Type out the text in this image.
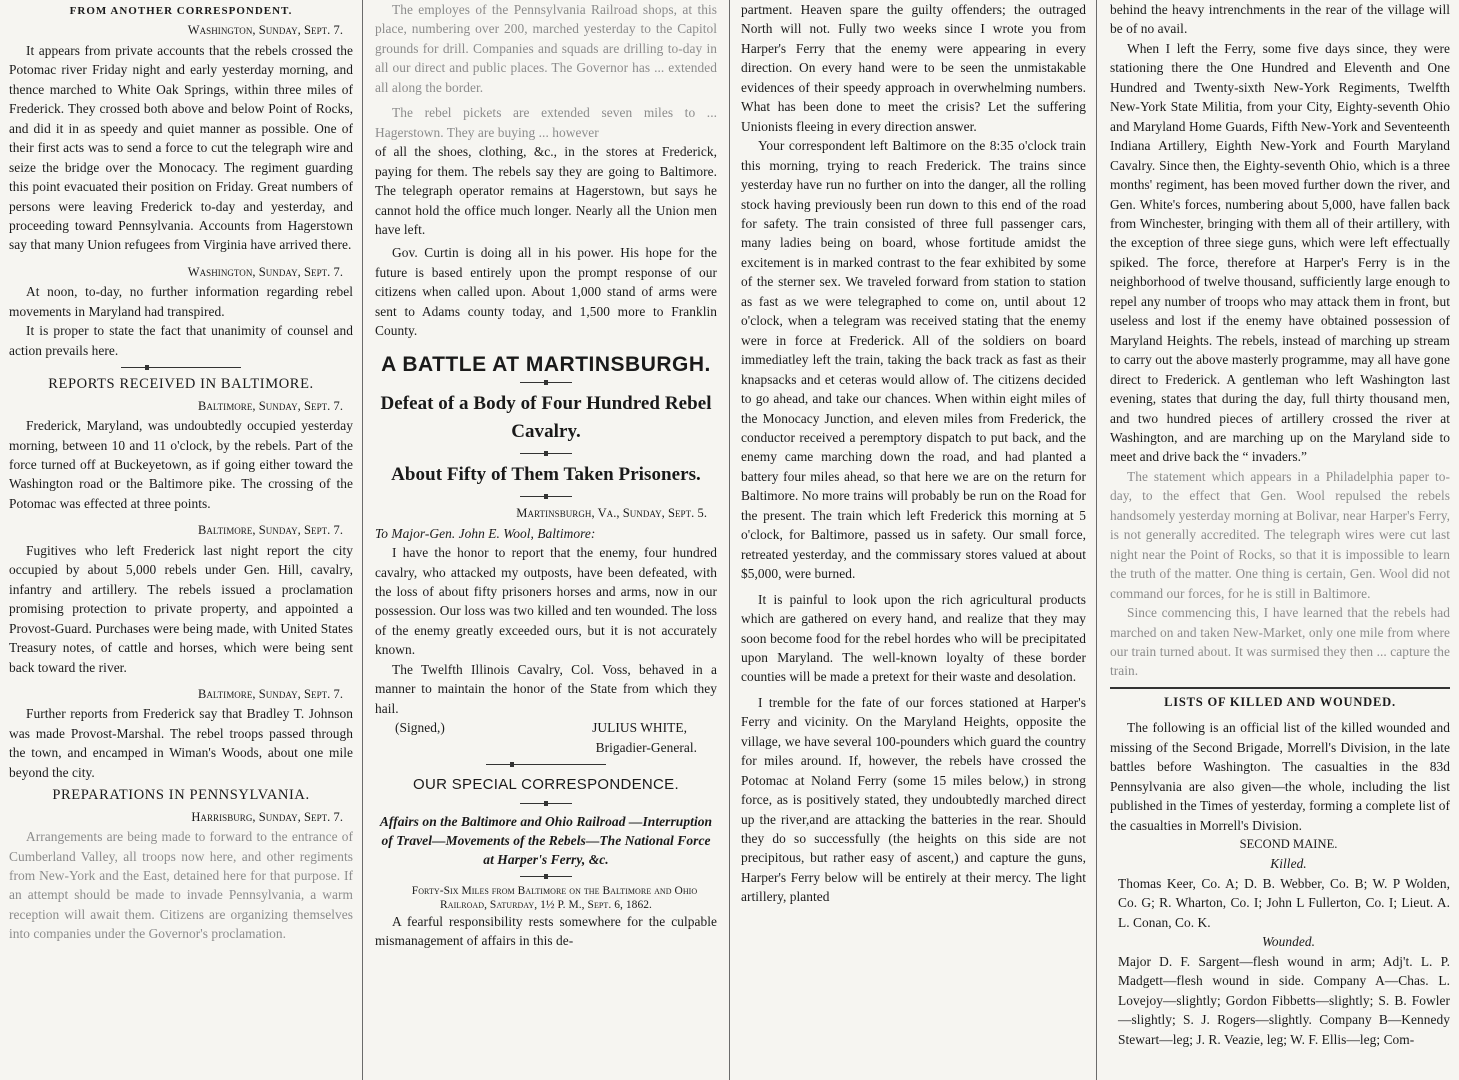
FROM ANOTHER CORRESPONDENT.

Washington, Sunday, Sept. 7.

It appears from private accounts that the rebels crossed the Potomac river Friday night and early yesterday morning, and thence marched to White Oak Springs, within three miles of Frederick. They crossed both above and below Point of Rocks, and did it in as speedy and quiet manner as possible. One of their first acts was to send a force to cut the telegraph wire and seize the bridge over the Monocacy. The regiment guarding this point evacuated their position on Friday. Great numbers of persons were leaving Frederick to-day and yesterday, and proceeding toward Pennsylvania. Accounts from Hagerstown say that many Union refugees from Virginia have arrived there.

Washington, Sunday, Sept. 7.

At noon, to-day, no further information regarding rebel movements in Maryland had transpired.

It is proper to state the fact that unanimity of counsel and action prevails here.

REPORTS RECEIVED IN BALTIMORE.

Baltimore, Sunday, Sept. 7.

Frederick, Maryland, was undoubtedly occupied yesterday morning, between 10 and 11 o'clock, by the rebels. Part of the force turned off at Buckeyetown, as if going either toward the Washington road or the Baltimore pike. The crossing of the Potomac was effected at three points.

Baltimore, Sunday, Sept. 7.

Fugitives who left Frederick last night report the city occupied by about 5,000 rebels under Gen. Hill, cavalry, infantry and artillery. The rebels issued a proclamation promising protection to private property, and appointed a Provost-Guard. Purchases were being made, with United States Treasury notes, of cattle and horses, which were being sent back toward the river.

Baltimore, Sunday, Sept. 7.

Further reports from Frederick say that Bradley T. Johnson was made Provost-Marshal. The rebel troops passed through the town, and encamped in Wiman's Woods, about one mile beyond the city.

PREPARATIONS IN PENNSYLVANIA.

Harrisburg, Sunday, Sept. 7.

Arrangements are being made to forward to the entrance of Cumberland Valley, all troops now here, and other regiments from New-York and the East, detained here for that purpose. If an attempt should be made to invade Pennsylvania, a warm reception will await them. Citizens are organizing themselves into companies under the Governor's proclamation.

The employes of the Pennsylvania Railroad shops, at this place, numbering over 200, marched yesterday to the Capitol grounds for drill. Companies and squads are drilling to-day in all our direct and public places. The Governor has ... extended all along the border.

The rebel pickets are extended seven miles to ... Hagerstown. They are buying ... however

of all the shoes, clothing, &c., in the stores at Frederick, paying for them. The rebels say they are going to Baltimore. The telegraph operator remains at Hagerstown, but says he cannot hold the office much longer. Nearly all the Union men have left.

Gov. Curtin is doing all in his power. His hope for the future is based entirely upon the prompt response of our citizens when called upon. About 1,000 stand of arms were sent to Adams county today, and 1,500 more to Franklin County.

A BATTLE AT MARTINSBURGH.
Defeat of a Body of Four Hundred Rebel Cavalry.
About Fifty of Them Taken Prisoners.

Martinsburgh, Va., Sunday, Sept. 5.

To Major-Gen. John E. Wool, Baltimore:

I have the honor to report that the enemy, four hundred cavalry, who attacked my outposts, have been defeated, with the loss of about fifty prisoners horses and arms, now in our possession. Our loss was two killed and ten wounded. The loss of the enemy greatly exceeded ours, but it is not accurately known.

The Twelfth Illinois Cavalry, Col. Voss, behaved in a manner to maintain the honor of the State from which they hail.

(Signed,)	JULIUS WHITE,

Brigadier-General.

OUR SPECIAL CORRESPONDENCE.
Affairs on the Baltimore and Ohio Railroad —Interruption of Travel—Movements of the Rebels—The National Force at Harper's Ferry, &c.

Forty-Six Miles from Baltimore on the Baltimore and Ohio Railroad, Saturday, 1½ P. M., Sept. 6, 1862.

A fearful responsibility rests somewhere for the culpable mismanagement of affairs in this de-

partment. Heaven spare the guilty offenders; the outraged North will not. Fully two weeks since I wrote you from Harper's Ferry that the enemy were appearing in every direction. On every hand were to be seen the unmistakable evidences of their speedy approach in overwhelming numbers. What has been done to meet the crisis? Let the suffering Unionists fleeing in every direction answer.

Your correspondent left Baltimore on the 8:35 o'clock train this morning, trying to reach Frederick. The trains since yesterday have run no further on into the danger, all the rolling stock having previously been run down to this end of the road for safety. The train consisted of three full passenger cars, many ladies being on board, whose fortitude amidst the excitement is in marked contrast to the fear exhibited by some of the sterner sex. We traveled forward from station to station as fast as we were telegraphed to come on, until about 12 o'clock, when a telegram was received stating that the enemy were in force at Frederick. All of the soldiers on board immediatley left the train, taking the back track as fast as their knapsacks and et ceteras would allow of. The citizens decided to go ahead, and take our chances. When within eight miles of the Monocacy Junction, and eleven miles from Frederick, the conductor received a peremptory dispatch to put back, and the enemy came marching down the road, and had planted a battery four miles ahead, so that here we are on the return for Baltimore. No more trains will probably be run on the Road for the present. The train which left Frederick this morning at 5 o'clock, for Baltimore, passed us in safety. Our small force, retreated yesterday, and the commissary stores valued at about $5,000, were burned.

It is painful to look upon the rich agricultural products which are gathered on every hand, and realize that they may soon become food for the rebel hordes who will be precipitated upon Maryland. The well-known loyalty of these border counties will be made a pretext for their waste and desolation.

I tremble for the fate of our forces stationed at Harper's Ferry and vicinity. On the Maryland Heights, opposite the village, we have several 100-pounders which guard the country for miles around. If, however, the rebels have crossed the Potomac at Noland Ferry (some 15 miles below,) in strong force, as is positively stated, they undoubtedly marched direct up the river,and are attacking the batteries in the rear. Should they do so successfully (the heights on this side are not precipitous, but rather easy of ascent,) and capture the guns, Harper's Ferry below will be entirely at their mercy. The light artillery, planted

behind the heavy intrenchments in the rear of the village will be of no avail.

When I left the Ferry, some five days since, they were stationing there the One Hundred and Eleventh and One Hundred and Twenty-sixth New-York Regiments, Twelfth New-York State Militia, from your City, Eighty-seventh Ohio and Maryland Home Guards, Fifth New-York and Seventeenth Indiana Artillery, Eighth New-York and Fourth Maryland Cavalry. Since then, the Eighty-seventh Ohio, which is a three months' regiment, has been moved further down the river, and Gen. White's forces, numbering about 5,000, have fallen back from Winchester, bringing with them all of their artillery, with the exception of three siege guns, which were left effectually spiked. The force, therefore at Harper's Ferry is in the neighborhood of twelve thousand, sufficiently large enough to repel any number of troops who may attack them in front, but useless and lost if the enemy have obtained possession of Maryland Heights. The rebels, instead of marching up stream to carry out the above masterly programme, may all have gone direct to Frederick. A gentleman who left Washington last evening, states that during the day, full thirty thousand men, and two hundred pieces of artillery crossed the river at Washington, and are marching up on the Maryland side to meet and drive back the “ invaders.”

The statement which appears in a Philadelphia paper to-day, to the effect that Gen. Wool repulsed the rebels handsomely yesterday morning at Bolivar, near Harper's Ferry, is not generally accredited. The telegraph wires were cut last night near the Point of Rocks, so that it is impossible to learn the truth of the matter. One thing is certain, Gen. Wool did not command our forces, for he is still in Baltimore.

Since commencing this, I have learned that the rebels had marched on and taken New-Market, only one mile from where our train turned about. It was surmised they then ... capture the train.

LISTS OF KILLED AND WOUNDED.

The following is an official list of the killed wounded and missing of the Second Brigade, Morrell's Division, in the late battles before Washington. The casualties in the 83d Pennsylvania are also given—the whole, including the list published in the Times of yesterday, forming a complete list of the casualties in Morrell's Division.

SECOND MAINE.

Killed.

Thomas Keer, Co. A; D. B. Webber, Co. B; W. P Wolden, Co. G; R. Wharton, Co. I; John L Fullerton, Co. I; Lieut. A. L. Conan, Co. K.

Wounded.

Major D. F. Sargent—flesh wound in arm; Adj't. L. P. Madgett—flesh wound in side. Company A—Chas. L. Lovejoy—slightly; Gordon Fibbetts—slightly; S. B. Fowler—slightly; S. J. Rogers—slightly. Company B—Kennedy Stewart—leg; J. R. Veazie, leg; W. F. Ellis—leg; Com-
